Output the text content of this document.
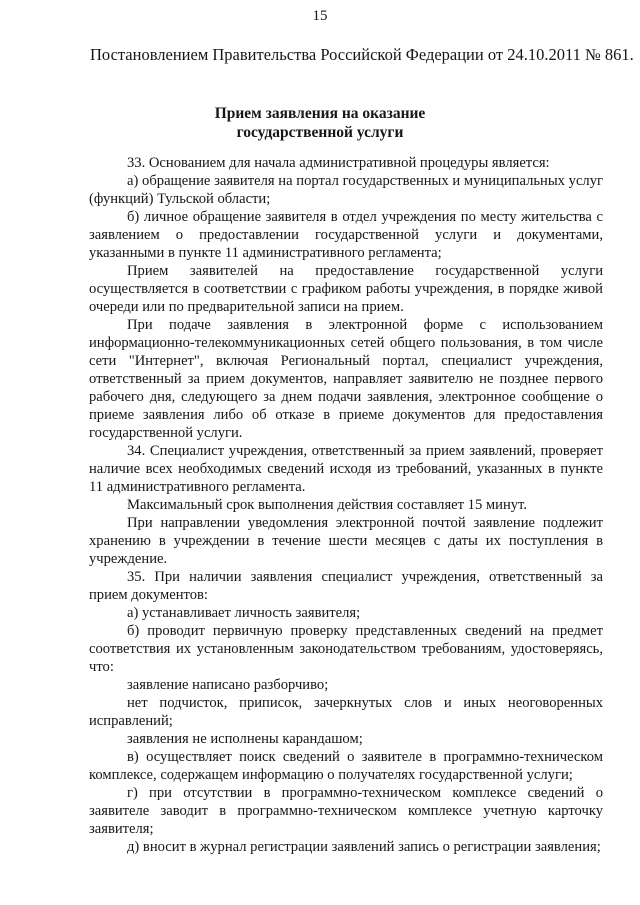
15
Постановлением Правительства Российской Федерации от 24.10.2011 № 861.
Прием заявления на оказание
государственной услуги

33. Основанием для начала административной процедуры является:

а) обращение заявителя на портал государственных и муниципальных услуг (функций) Тульской области;

б) личное обращение заявителя в отдел учреждения по месту жительства с заявлением о предоставлении государственной услуги и документами, указанными в пункте 11 административного регламента;

Прием заявителей на предоставление государственной услуги осуществляется в соответствии с графиком работы учреждения, в порядке живой очереди или по предварительной записи на прием.

При подаче заявления в электронной форме с использованием информационно-телекоммуникационных сетей общего пользования, в том числе сети "Интернет", включая Региональный портал, специалист учреждения, ответственный за прием документов, направляет заявителю не позднее первого рабочего дня, следующего за днем подачи заявления, электронное сообщение о приеме заявления либо об отказе в приеме документов для предоставления государственной услуги.

34. Специалист учреждения, ответственный за прием заявлений, проверяет наличие всех необходимых сведений исходя из требований, указанных в пункте 11 административного регламента.

Максимальный срок выполнения действия составляет 15 минут.

При направлении уведомления электронной почтой заявление подлежит хранению в учреждении в течение шести месяцев с даты их поступления в учреждение.

35. При наличии заявления специалист учреждения, ответственный за прием документов:

а) устанавливает личность заявителя;

б) проводит первичную проверку представленных сведений на предмет соответствия их установленным законодательством требованиям, удостоверяясь, что:

заявление написано разборчиво;

нет подчисток, приписок, зачеркнутых слов и иных неоговоренных исправлений;

заявления не исполнены карандашом;

в) осуществляет поиск сведений о заявителе в программно-техническом комплексе, содержащем информацию о получателях государственной услуги;

г) при отсутствии в программно-техническом комплексе сведений о заявителе заводит в программно-техническом комплексе учетную карточку заявителя;

д) вносит в журнал регистрации заявлений запись о регистрации заявления;
